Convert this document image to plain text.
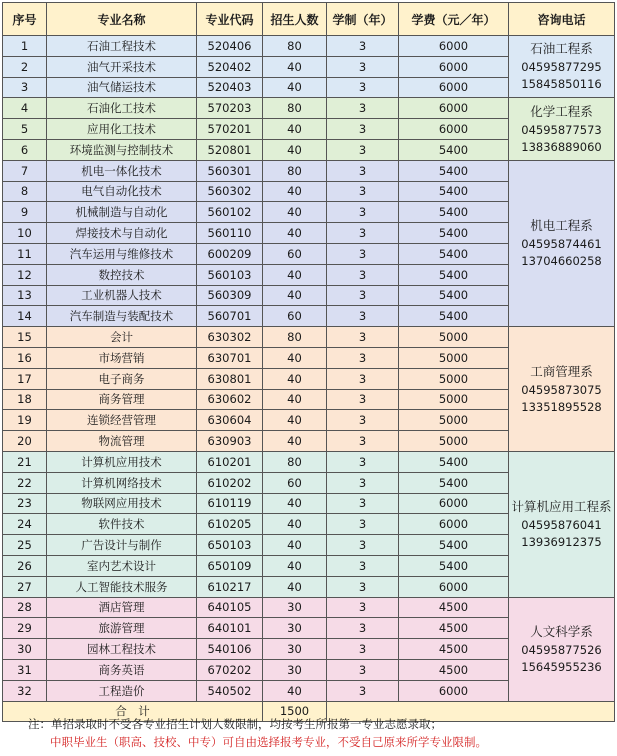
序号	专业名称	专业代码	招生人数	学制（年）	学费（元／年）	咨询电话
1	石油工程技术	520406	80	3	6000	石油工程系
04595877295
15845850116

2	油气开采技术	520402	40	3	6000	
3	油气储运技术	520403	40	3	6000	
4	石油化工技术	570203	80	3	6000	化学工程系
04595877573
13836889060

5	应用化工技术	570201	40	3	6000	
6	环境监测与控制技术	520801	40	3	5400	
7	机电一体化技术	560301	80	3	5400	机电工程系
04595874461
13704660258

8	电气自动化技术	560302	40	3	5400	
9	机械制造与自动化	560102	40	3	5400	
10	焊接技术与自动化	560110	40	3	5400	
11	汽车运用与维修技术	600209	60	3	5400	
12	数控技术	560103	40	3	5400	
13	工业机器人技术	560309	40	3	5400	
14	汽车制造与装配技术	560701	60	3	5400	
15	会计	630302	80	3	5000	工商管理系
04595873075
13351895528

16	市场营销	630701	40	3	5000	
17	电子商务	630801	40	3	5000	
18	商务管理	630602	40	3	5000	
19	连锁经营管理	630604	40	3	5000	
20	物流管理	630903	40	3	5000	
21	计算机应用技术	610201	80	3	5400	计算机应用工程系
04595876041
13936912375

22	计算机网络技术	610202	60	3	5400	
23	物联网应用技术	610119	40	3	6000	
24	软件技术	610205	40	3	6000	
25	广告设计与制作	650103	40	3	5400	
26	室内艺术设计	650109	40	3	5400	
27	人工智能技术服务	610217	40	3	6000	
28	酒店管理	640105	30	3	4500	人文科学系
04595877526
15645955236

29	旅游管理	640101	30	3	4500	
30	园林工程技术	540106	30	3	4500	
31	商务英语	670202	30	3	4500	
32	工程造价	540502	40	3	6000	
合　计			1500			
注：单招录取时不受各专业招生计划人数限制，均按考生所报第一专业志愿录取；
中职毕业生（职高、技校、中专）可自由选择报考专业，不受自己原来所学专业限制。
